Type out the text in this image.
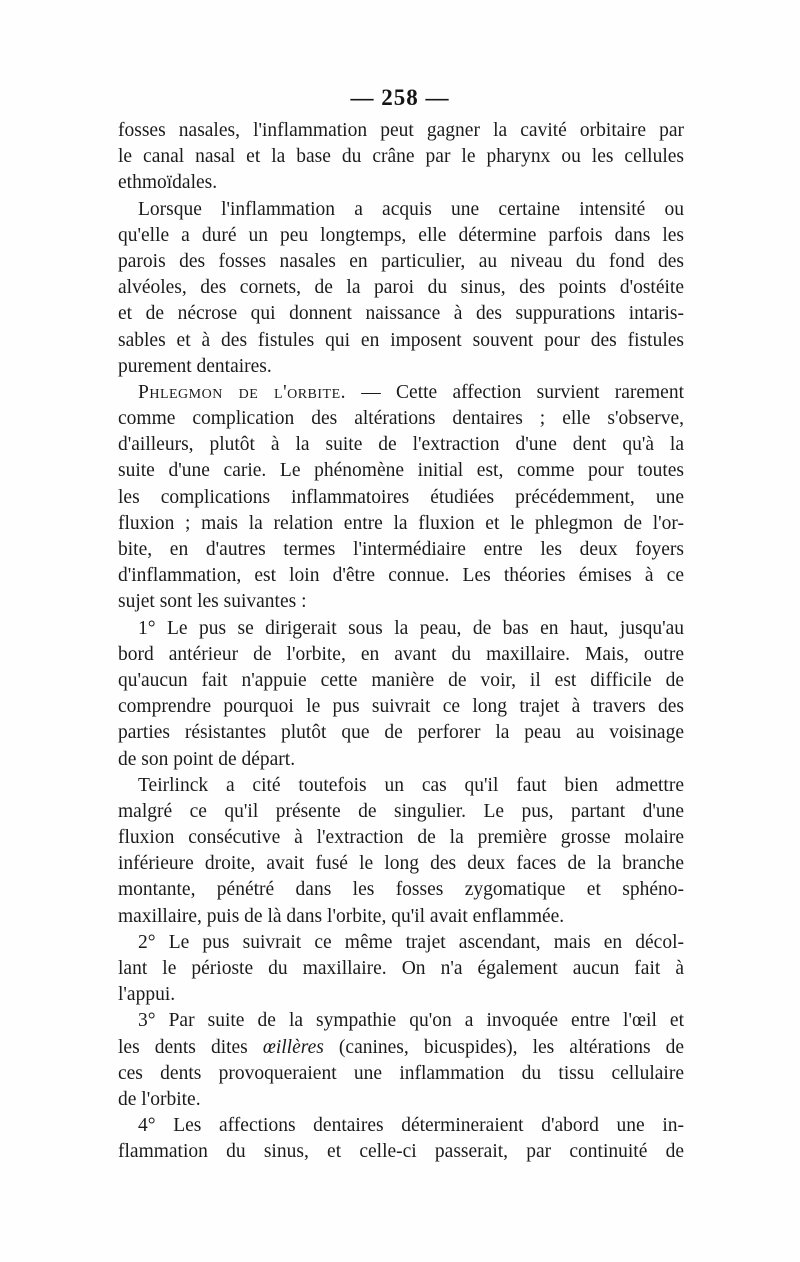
— 258 —
fosses nasales, l'inflammation peut gagner la cavité orbitaire par
le canal nasal et la base du crâne par le pharynx ou les cellules
ethmoïdales.
Lorsque l'inflammation a acquis une certaine intensité ou
qu'elle a duré un peu longtemps, elle détermine parfois dans les
parois des fosses nasales en particulier, au niveau du fond des
alvéoles, des cornets, de la paroi du sinus, des points d'ostéite
et de nécrose qui donnent naissance à des suppurations intaris-
sables et à des fistules qui en imposent souvent pour des fistules
purement dentaires.
Phlegmon de l'orbite. — Cette affection survient rarement
comme complication des altérations dentaires ; elle s'observe,
d'ailleurs, plutôt à la suite de l'extraction d'une dent qu'à la
suite d'une carie. Le phénomène initial est, comme pour toutes
les complications inflammatoires étudiées précédemment, une
fluxion ; mais la relation entre la fluxion et le phlegmon de l'or-
bite, en d'autres termes l'intermédiaire entre les deux foyers
d'inflammation, est loin d'être connue. Les théories émises à ce
sujet sont les suivantes :
1° Le pus se dirigerait sous la peau, de bas en haut, jusqu'au
bord antérieur de l'orbite, en avant du maxillaire. Mais, outre
qu'aucun fait n'appuie cette manière de voir, il est difficile de
comprendre pourquoi le pus suivrait ce long trajet à travers des
parties résistantes plutôt que de perforer la peau au voisinage
de son point de départ.
Teirlinck a cité toutefois un cas qu'il faut bien admettre
malgré ce qu'il présente de singulier. Le pus, partant d'une
fluxion consécutive à l'extraction de la première grosse molaire
inférieure droite, avait fusé le long des deux faces de la branche
montante, pénétré dans les fosses zygomatique et sphéno-
maxillaire, puis de là dans l'orbite, qu'il avait enflammée.
2° Le pus suivrait ce même trajet ascendant, mais en décol-
lant le périoste du maxillaire. On n'a également aucun fait à
l'appui.
3° Par suite de la sympathie qu'on a invoquée entre l'œil et
les dents dites œillères (canines, bicuspides), les altérations de
ces dents provoqueraient une inflammation du tissu cellulaire
de l'orbite.
4° Les affections dentaires détermineraient d'abord une in-
flammation du sinus, et celle-ci passerait, par continuité de
